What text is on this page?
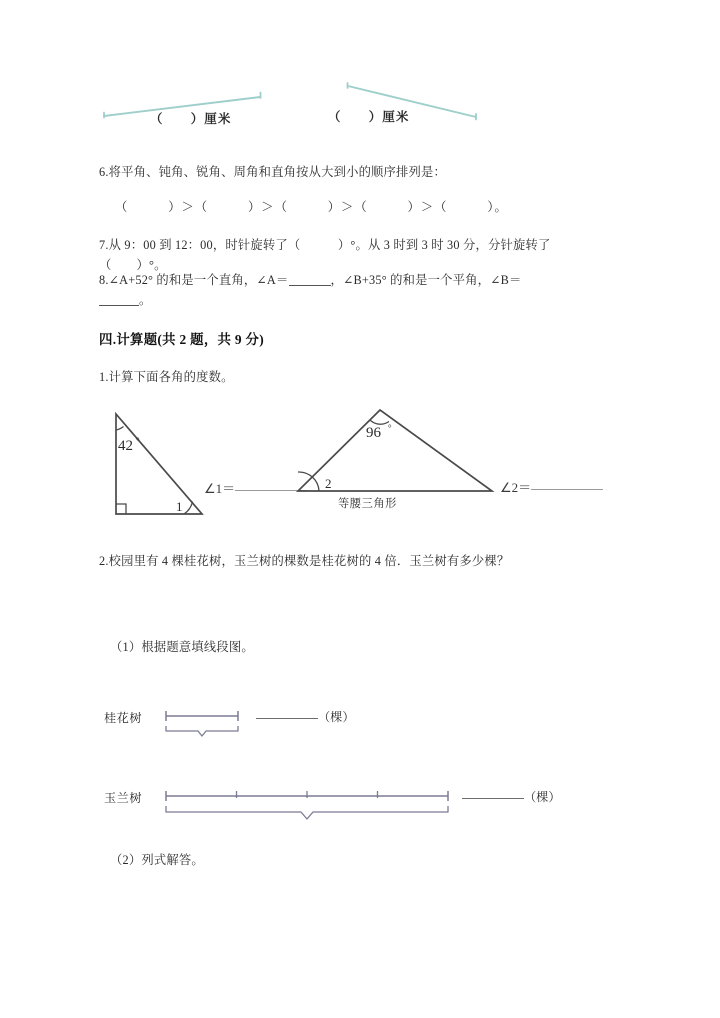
（　　）厘米	（　　）厘米
6.将平角、钝角、锐角、周角和直角按从大到小的顺序排列是：
（　　　）＞（　　　）＞（　　　）＞（　　　）＞（　　　）。
7.从 9：00 到 12：00，时针旋转了（　　　）°。从 3 时到 3 时 30 分，分针旋转了
（　　）°。
8.∠A+52° 的和是一个直角，∠A＝	，∠B+35° 的和是一个平角，∠B＝
。
四.计算题(共 2 题，共 9 分)
1.计算下面各角的度数。
42 °
1
∠1＝
96 °
2
等腰三角形
∠2＝
2.校园里有 4 棵桂花树，玉兰树的棵数是桂花树的 4 倍．玉兰树有多少棵？
（1）根据题意填线段图。
桂花树	（棵）
玉兰树	（棵）
（2）列式解答。
